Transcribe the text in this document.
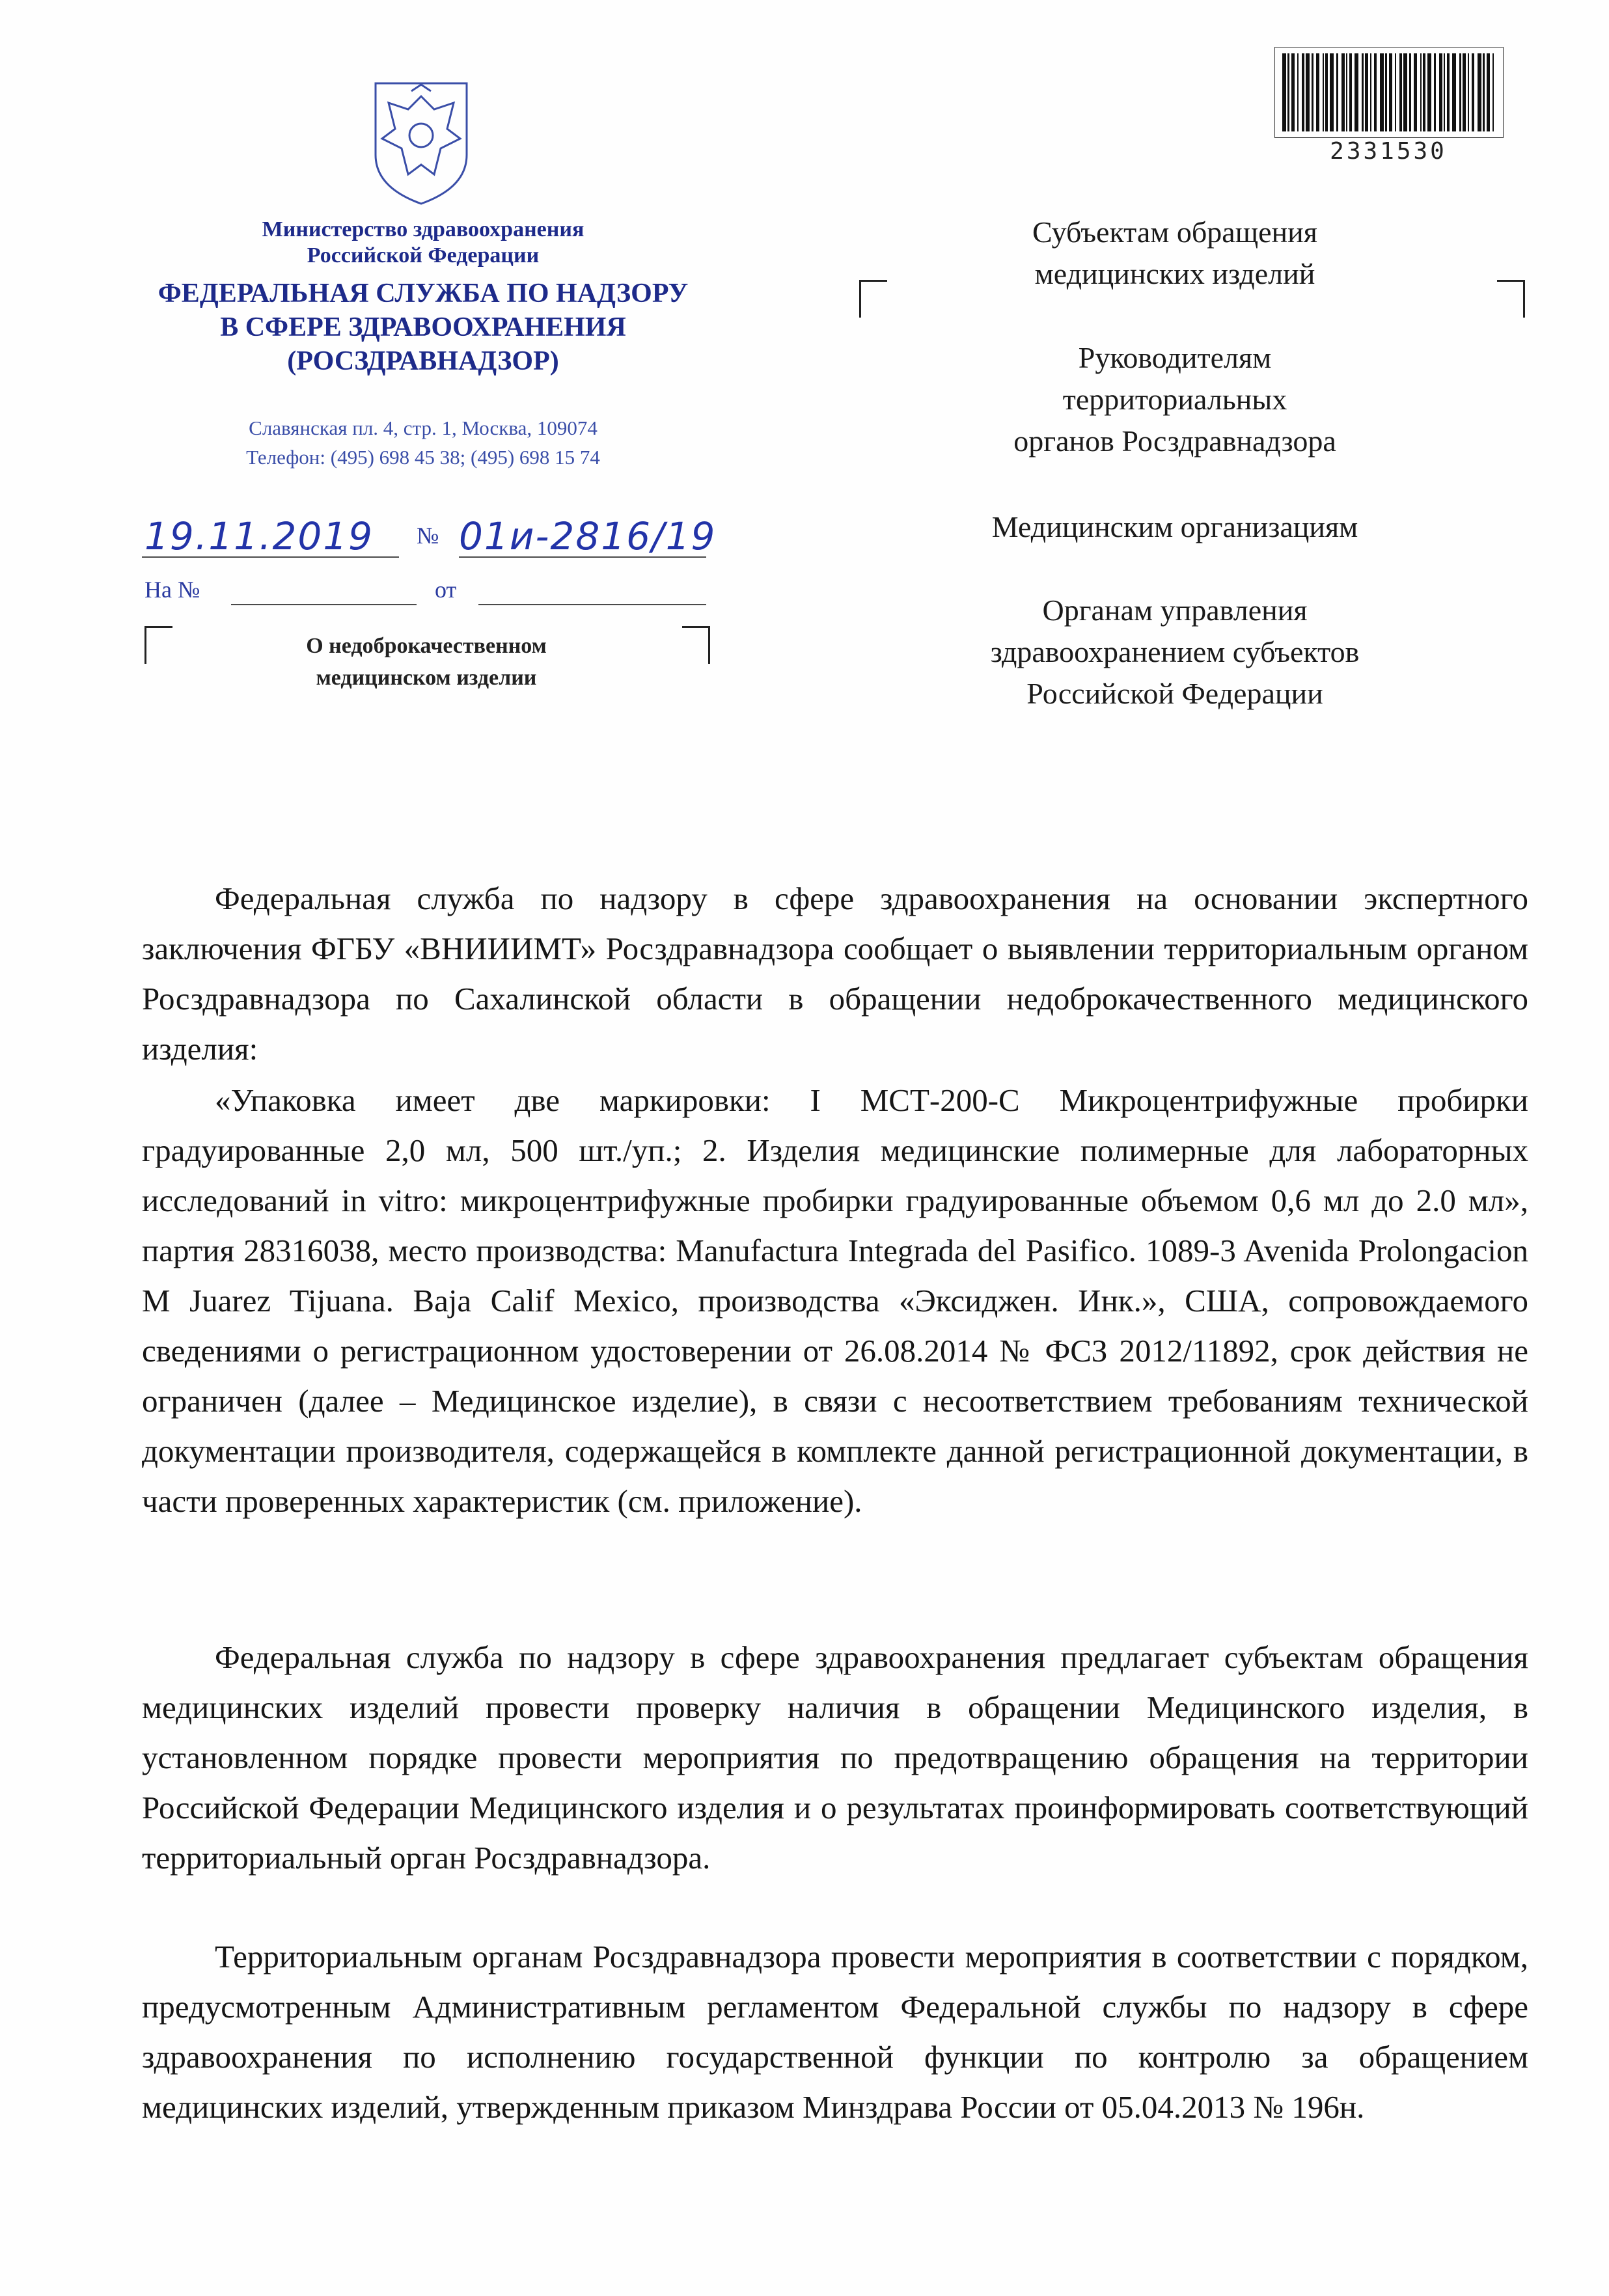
Министерство здравоохранения
Российской Федерации
ФЕДЕРАЛЬНАЯ СЛУЖБА ПО НАДЗОРУ
В СФЕРЕ ЗДРАВООХРАНЕНИЯ
(РОСЗДРАВНАДЗОР)
Славянская пл. 4, стр. 1, Москва, 109074
Телефон: (495) 698 45 38; (495) 698 15 74
19.11.2019 № 01и-2816/19
На №	от
О недоброкачественном
медицинском изделии
2331530
Субъектам обращения
медицинских изделий
Руководителям
территориальных
органов Росздравнадзора
Медицинским организациям
Органам управления
здравоохранением субъектов
Российской Федерации
Федеральная служба по надзору в сфере здравоохранения на основании экспертного заключения ФГБУ «ВНИИИМТ» Росздравнадзора сообщает о выявлении территориальным органом Росздравнадзора по Сахалинской области в обращении недоброкачественного медицинского изделия:
«Упаковка имеет две маркировки: I МСТ-200-С Микроцентрифужные пробирки градуированные 2,0 мл, 500 шт./уп.; 2. Изделия медицинские полимерные для лабораторных исследований in vitro: микроцентрифужные пробирки градуированные объемом 0,6 мл до 2.0 мл», партия 28316038, место производства: Manufactura Integrada del Pasifico. 1089-3 Avenida Prolongacion M Juarez Tijuana. Baja Calif Mexico, производства «Эксиджен. Инк.», США, сопровождаемого сведениями о регистрационном удостоверении от 26.08.2014 № ФСЗ 2012/11892, срок действия не ограничен (далее – Медицинское изделие), в связи с несоответствием требованиям технической документации производителя, содержащейся в комплекте данной регистрационной документации, в части проверенных характеристик (см. приложение).
Федеральная служба по надзору в сфере здравоохранения предлагает субъектам обращения медицинских изделий провести проверку наличия в обращении Медицинского изделия, в установленном порядке провести мероприятия по предотвращению обращения на территории Российской Федерации Медицинского изделия и о результатах проинформировать соответствующий территориальный орган Росздравнадзора.
Территориальным органам Росздравнадзора провести мероприятия в соответствии с порядком, предусмотренным Административным регламентом Федеральной службы по надзору в сфере здравоохранения по исполнению государственной функции по контролю за обращением медицинских изделий, утвержденным приказом Минздрава России от 05.04.2013 № 196н.
